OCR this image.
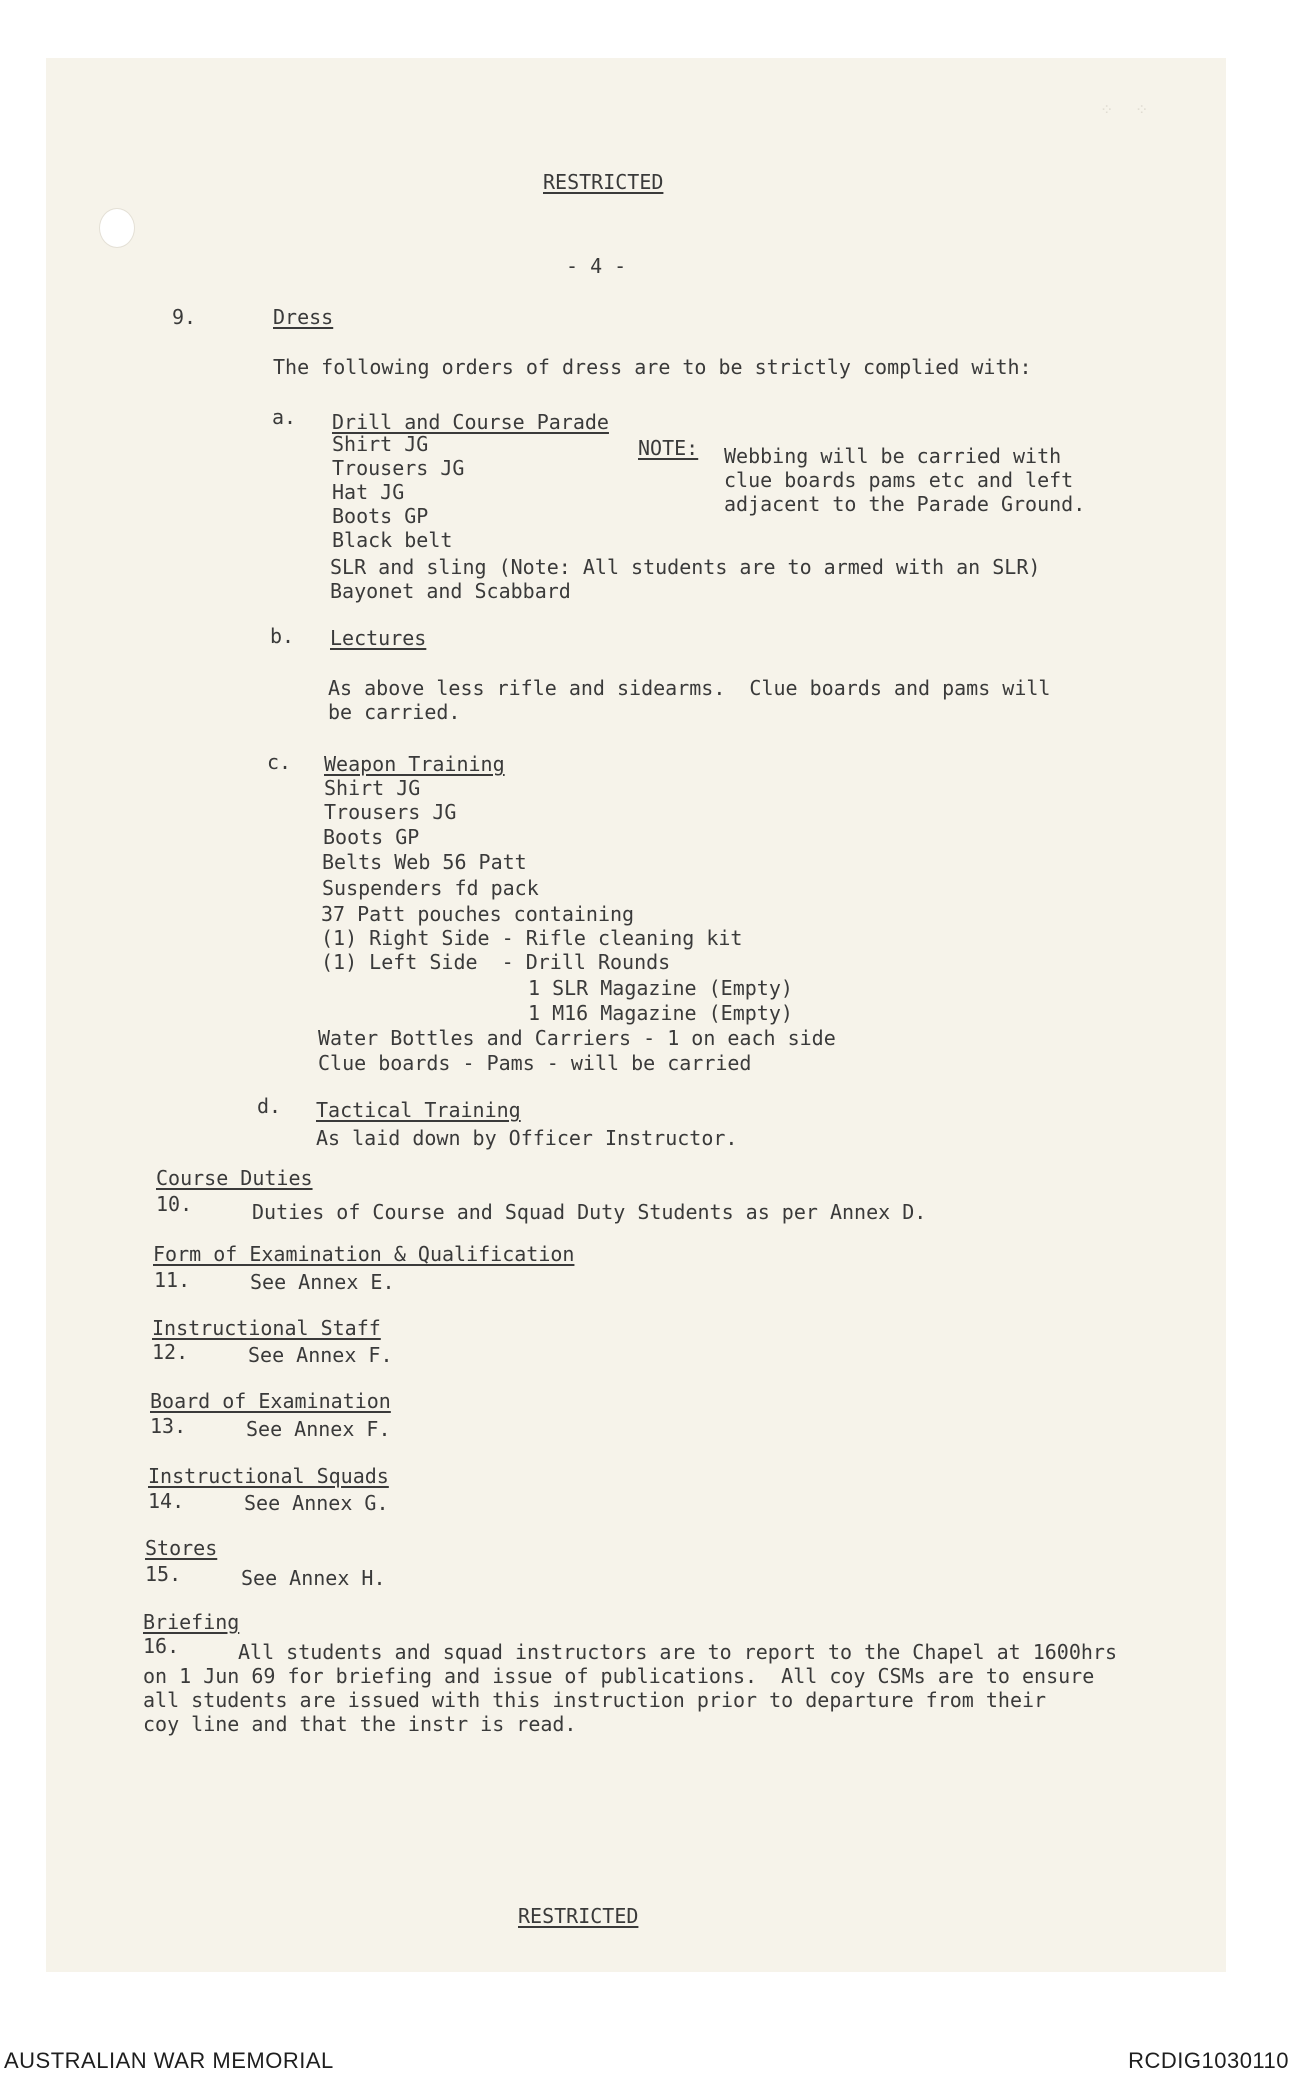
⁘ ⁘
RESTRICTED
- 4 -
9.	Dress
The following orders of dress are to be strictly complied with:
a. Drill and Course Parade
Shirt JG
Trousers JG
Hat JG
Boots GP
Black belt
SLR and sling (Note: All students are to armed with an SLR)
Bayonet and Scabbard
NOTE: Webbing will be carried with
clue boards pams etc and left
adjacent to the Parade Ground.
b. Lectures
As above less rifle and sidearms.  Clue boards and pams will
be carried.
c. Weapon Training
Shirt JG
Trousers JG
Boots GP
Belts Web 56 Patt
Suspenders fd pack
37 Patt pouches containing
(1) Right Side - Rifle cleaning kit
(1) Left Side  - Drill Rounds
1 SLR Magazine (Empty)
1 M16 Magazine (Empty)
Water Bottles and Carriers - 1 on each side
Clue boards - Pams - will be carried
d. Tactical Training
As laid down by Officer Instructor.
Course Duties
10.	Duties of Course and Squad Duty Students as per Annex D.
Form of Examination & Qualification
11.	See Annex E.
Instructional Staff
12.	See Annex F.
Board of Examination
13.	See Annex F.
Instructional Squads
14.	See Annex G.
Stores
15.	See Annex H.
Briefing
16.	All students and squad instructors are to report to the Chapel at 1600hrs
on 1 Jun 69 for briefing and issue of publications.  All coy CSMs are to ensure
all students are issued with this instruction prior to departure from their
coy line and that the instr is read.
RESTRICTED
AUSTRALIAN WAR MEMORIAL	RCDIG1030110
